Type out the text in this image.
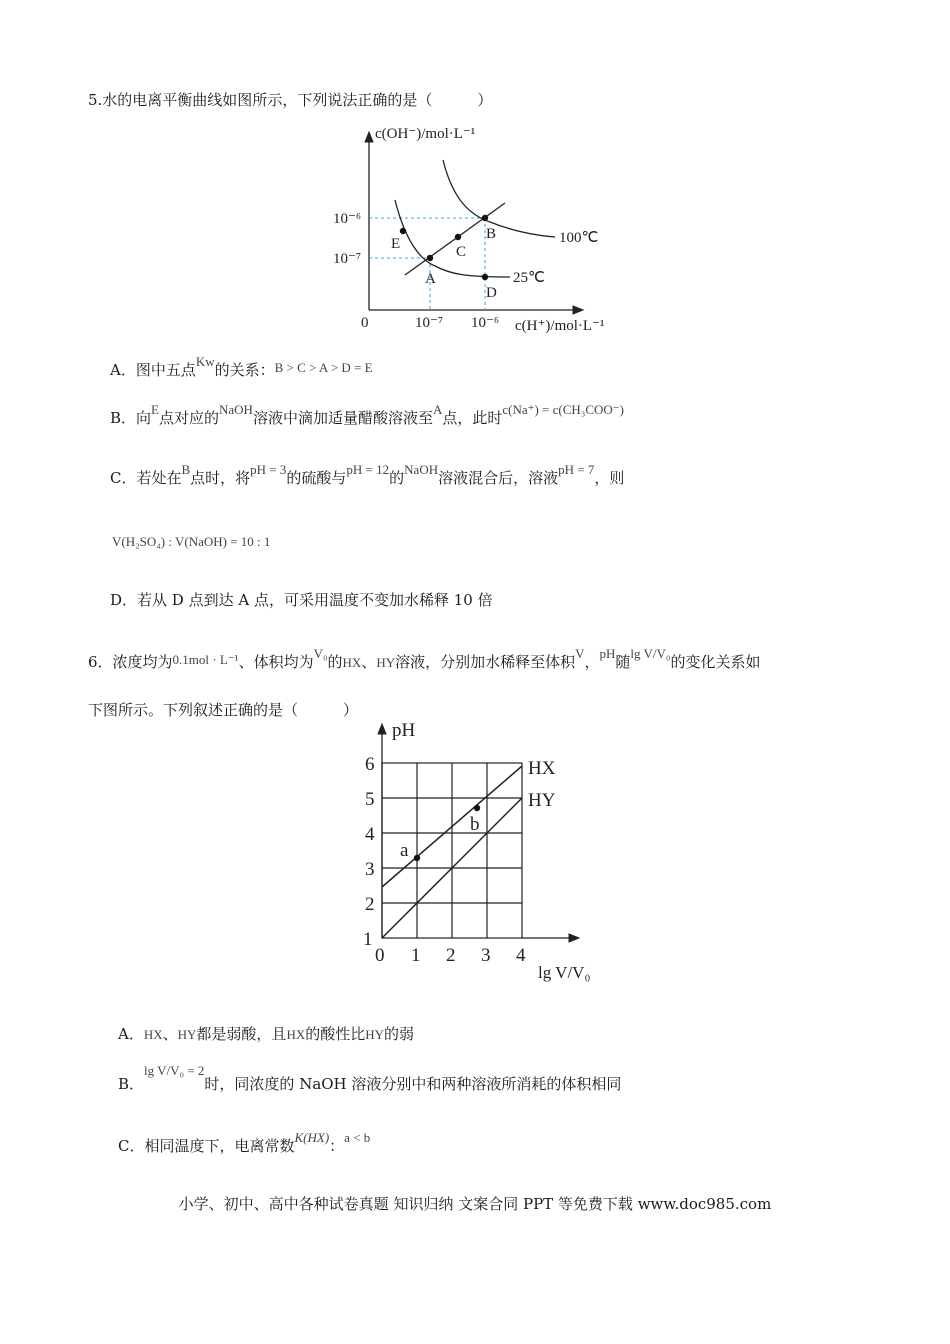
5.水的电离平衡曲线如图所示，下列说法正确的是（　　　）
A
B
C
D
E	100℃
25℃
0
10⁻⁶
10⁻⁷
10⁻⁷ 10⁻⁶
c(OH⁻)/mol·L⁻¹
c(H⁺)/mol·L⁻¹
A．图中五点Kw的关系：B > C > A > D = E
B．向E点对应的NaOH溶液中滴加适量醋酸溶液至A点，此时c(Na⁺) = c(CH₃COO⁻)
C．若处在B点时，将pH = 3的硫酸与pH = 12的NaOH溶液混合后，溶液pH = 7，则
V(H₂SO₄) : V(NaOH) = 10 : 1
D．若从 D 点到达 A 点，可采用温度不变加水稀释 10 倍
6．浓度均为0.1mol · L⁻¹、体积均为V₀的HX、HY溶液，分别加水稀释至体积V，pH随lg V/V₀的变化关系如
下图所示。下列叙述正确的是（　　　）
a
b
HX
HY
pH
1
2
3
4
5
6
0 1 2 3 4
lg V/V₀
A．HX、HY都是弱酸，且HX的酸性比HY的弱
B．lg V/V₀ = 2时，同浓度的 NaOH 溶液分别中和两种溶液所消耗的体积相同
C．相同温度下，电离常数K(HX)：a < b
小学、初中、高中各种试卷真题 知识归纳 文案合同 PPT 等免费下载 www.doc985.com
